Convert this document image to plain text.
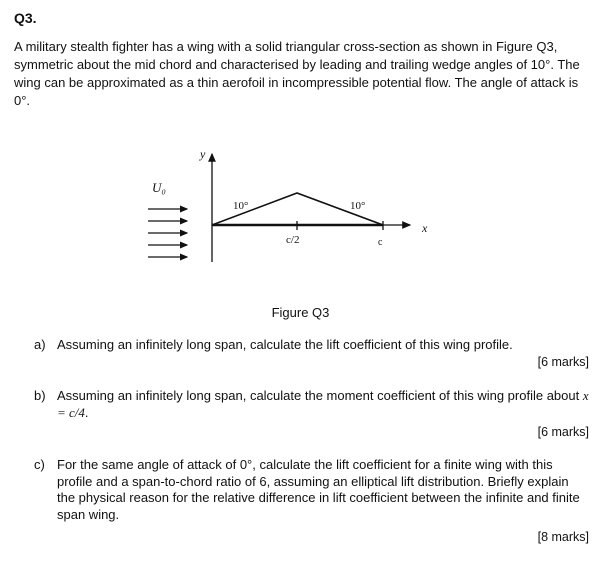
Q3.
A military stealth fighter has a wing with a solid triangular cross-section as shown in Figure Q3, symmetric about the mid chord and characterised by leading and trailing wedge angles of 10°. The wing can be approximated as a thin aerofoil in incompressible potential flow. The angle of attack is 0°.
U₀
y
x
10°	10°
c/2	c
Figure Q3
a) Assuming an infinitely long span, calculate the lift coefficient of this wing profile.
[6 marks]
b) Assuming an infinitely long span, calculate the moment coefficient of this wing profile about x = c/4.
[6 marks]
c) For the same angle of attack of 0°, calculate the lift coefficient for a finite wing with this profile and a span-to-chord ratio of 6, assuming an elliptical lift distribution. Briefly explain the physical reason for the relative difference in lift coefficient between the infinite and finite span wing.
[8 marks]
